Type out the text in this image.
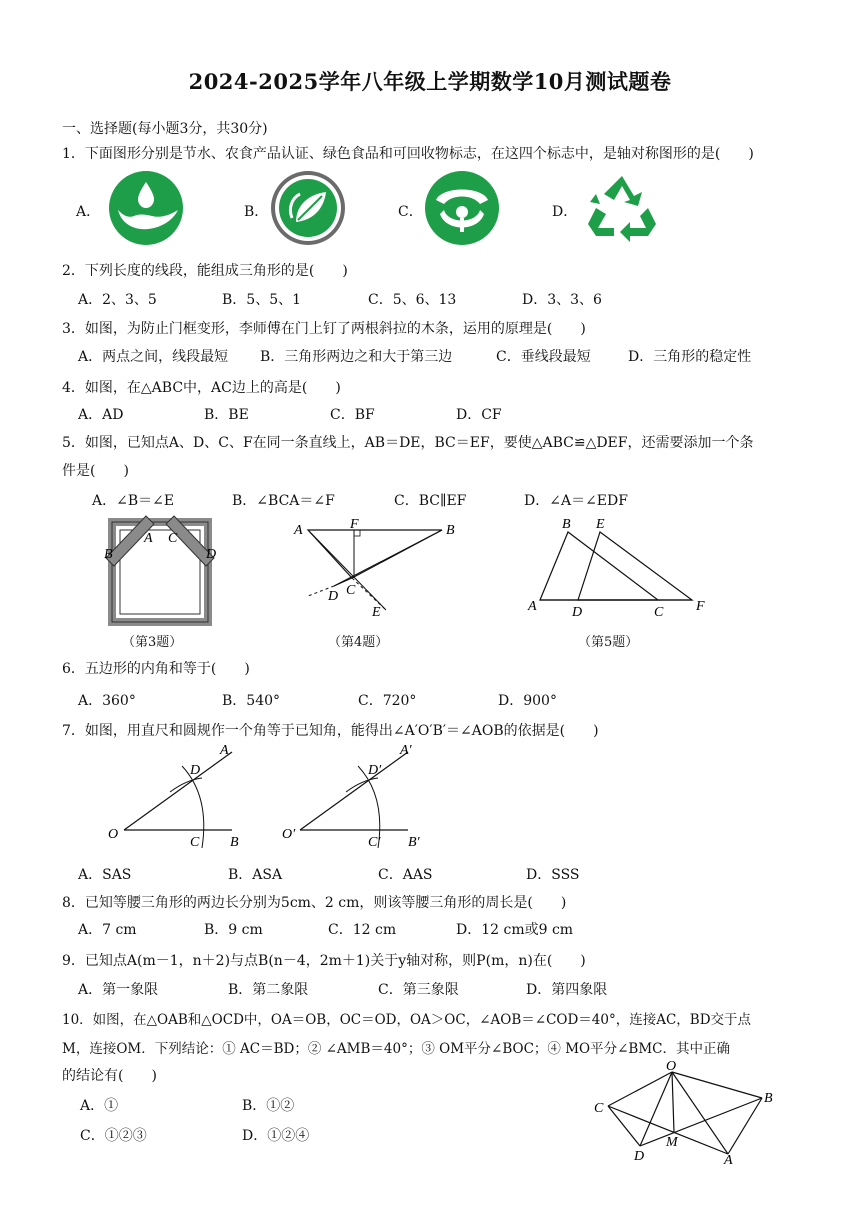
2024-2025学年八年级上学期数学10月测试题卷
一、选择题(每小题3分，共30分)
1．下面图形分别是节水、农食产品认证、绿色食品和可回收物标志，在这四个标志中，是轴对称图形的是(　　)
A．	B．	C．	D．
2．下列长度的线段，能组成三角形的是(　　)
A．2、3、5	B．5、5、1	C．5、6、13	D．3、3、6
3．如图，为防止门框变形，李师傅在门上钉了两根斜拉的木条，运用的原理是(　　)
A．两点之间，线段最短 B．三角形两边之和大于第三边	C．垂线段最短	D．三角形的稳定性
4．如图，在△ABC中，AC边上的高是(　　)
A．AD	B．BE	C．BF	D．CF
5．如图，已知点A、D、C、F在同一条直线上，AB＝DE，BC＝EF，要使△ABC≌△DEF，还需要添加一个条
件是(　　)
A．∠B＝∠E	B．∠BCA＝∠F	C．BC∥EF	D．∠A＝∠EDF
B
A C
D
（第3题）
A	F	B
C
D
E
（第4题）
B E
A	D	C F
（第5题）
6．五边形的内角和等于(　　)
A．360°	B．540°	C．720°	D．900°
7．如图，用直尺和圆规作一个角等于已知角，能得出∠A′O′B′＝∠AOB的依据是(　　)
A
D
O
C B
A′
D′
O′
C′ B′
A．SAS	B．ASA	C．AAS	D．SSS
8．已知等腰三角形的两边长分别为5cm、2 cm，则该等腰三角形的周长是(　　)
A．7 cm	B．9 cm	C．12 cm	D．12 cm或9 cm
9．已知点A(m－1，n＋2)与点B(n－4，2m＋1)关于y轴对称，则P(m，n)在(　　)
A．第一象限	B．第二象限	C．第三象限	D．第四象限
10．如图，在△OAB和△OCD中，OA＝OB，OC＝OD，OA＞OC，∠AOB＝∠COD＝40°，连接AC，BD交于点
M，连接OM．下列结论：① AC＝BD；② ∠AMB＝40°；③ OM平分∠BOC；④ MO平分∠BMC．其中正确
的结论有(　　)
A．①	B．①②
C．①②③	D．①②④
O
C
B
M
D	A
